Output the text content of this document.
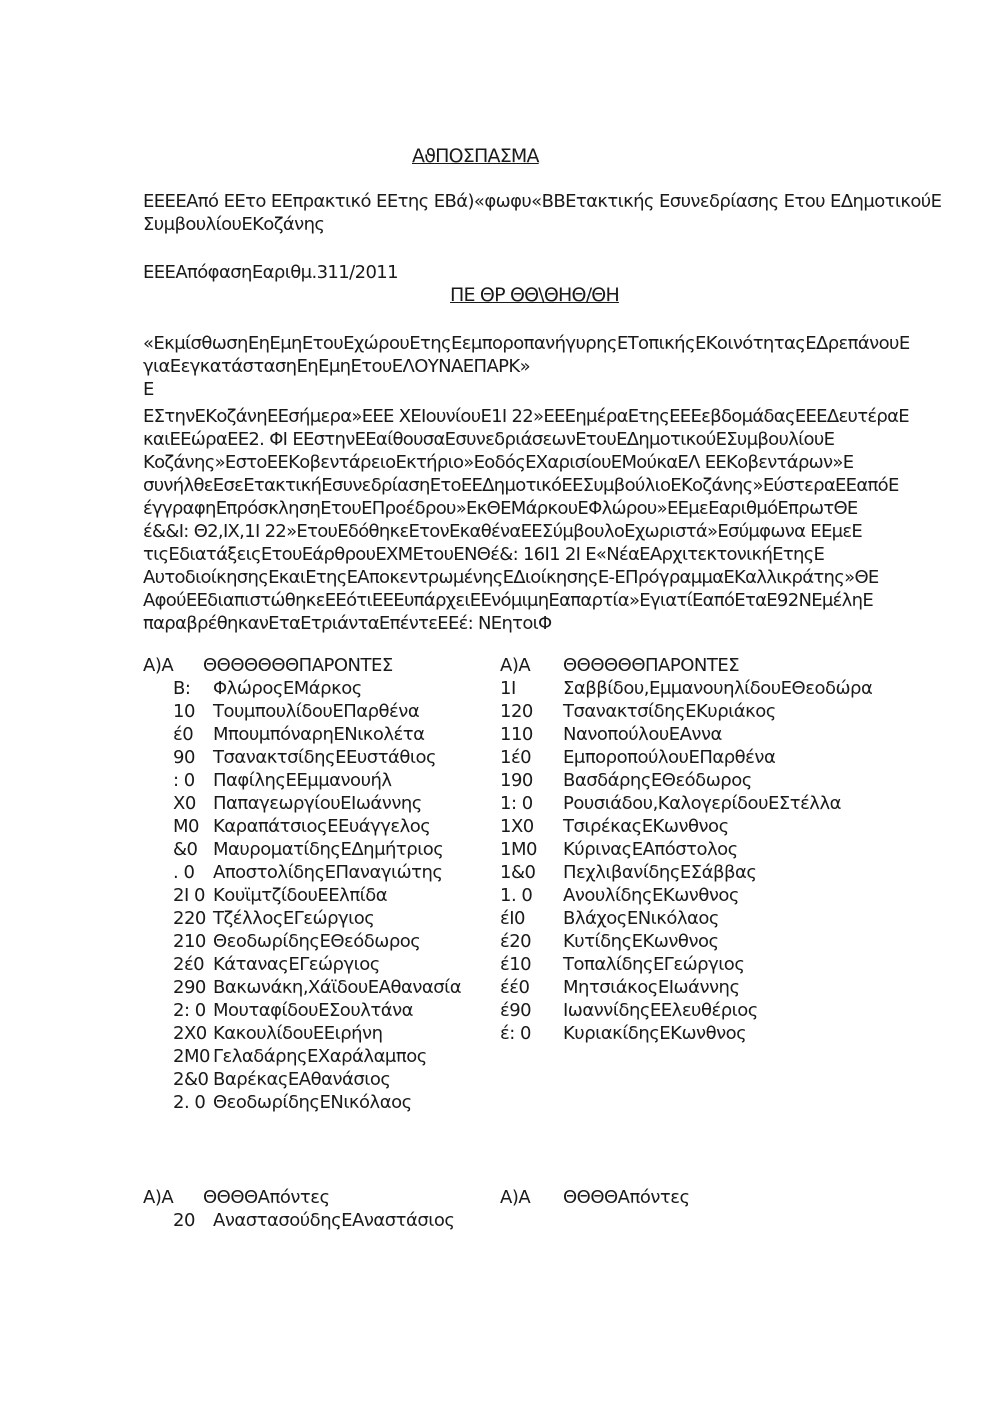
ΑϑΠΟΣΠΑΣΜΑ
ΕΕΕΕΑπό ΕΕτο ΕΕπρακτικό ΕΕτης ΕΒά)«φωφυ«ΒΒΕτακτικής Εσυνεδρίασης Ετου ΕΔημοτικούΕ
ΣυμβουλίουΕΚοζάνης
ΕΕΕΑπόφασηΕαριθμ.311/2011
ΠΕ ΘΡ ΘΘ\ΘΗΘ/ΘΗ
«ΕκμίσθωσηΕηΕμηΕτουΕχώρουΕτηςΕεμποροπανήγυρηςΕΤοπικήςΕΚοινότηταςΕΔρεπάνουΕ
γιαΕεγκατάστασηΕηΕμηΕτουΕΛΟΥΝΑΕΠΑΡΚ»
Ε
ΕΣτηνΕΚοζάνηΕΕσήμερα»ΕΕΕ ΧΕΙουνίουΕ1Ι 22»ΕΕΕημέραΕτηςΕΕΕεβδομάδαςΕΕΕΔευτέραΕ
καιΕΕώραΕΕ2. ΦΙ ΕΕστηνΕΕαίθουσαΕσυνεδριάσεωνΕτουΕΔημοτικούΕΣυμβουλίουΕ
Κοζάνης»ΕστοΕΕΚοβεντάρειοΕκτήριο»ΕοδόςΕΧαρισίουΕΜούκαΕΛ ΕΕΚοβεντάρων»Ε
συνήλθεΕσεΕτακτικήΕσυνεδρίασηΕτοΕΕΔημοτικόΕΕΣυμβούλιοΕΚοζάνης»ΕύστεραΕΕαπόΕ
έγγραφηΕπρόσκλησηΕτουΕΠροέδρου»ΕκΘΕΜάρκουΕΦλώρου»ΕΕμεΕαριθμόΕπρωτΘΕ
έ&&Ι: Θ2,ΙΧ,1Ι 22»ΕτουΕδόθηκεΕτονΕκαθέναΕΕΣύμβουλοΕχωριστά»Εσύμφωνα ΕΕμεΕ
τιςΕδιατάξειςΕτουΕάρθρουΕΧΜΕτουΕΝΘέ&: 16Ι1 2Ι Ε«ΝέαΕΑρχιτεκτονικήΕτηςΕ
ΑυτοδιοίκησηςΕκαιΕτηςΕΑποκεντρωμένηςΕΔιοίκησηςΕ-ΕΠρόγραμμαΕΚαλλικράτης»ΘΕ
ΑφούΕΕδιαπιστώθηκεΕΕότιΕΕΕυπάρχειΕΕνόμιμηΕαπαρτία»ΕγιατίΕαπόΕταΕ92ΝΕμέληΕ
παραβρέθηκανΕταΕτριάνταΕπέντεΕΕέ: ΝΕητοιΦ
Α)Α	ΘΘΘΘΘΘΘΠΑΡΟΝΤΕΣ
Β:	ΦλώροςΕΜάρκος
10	ΤουμπουλίδουΕΠαρθένα
έ0	ΜπουμπόναρηΕΝικολέτα
90	ΤσανακτσίδηςΕΕυστάθιος
: 0	ΠαφίληςΕΕμμανουήλ
Χ0 ΠαπαγεωργίουΕΙωάννης
Μ0 ΚαραπάτσιοςΕΕυάγγελος
&0 ΜαυροματίδηςΕΔημήτριος
. 0	ΑποστολίδηςΕΠαναγιώτης
2Ι 0 ΚουϊμτζίδουΕΕλπίδα
220 ΤζέλλοςΕΓεώργιος
210 ΘεοδωρίδηςΕΘεόδωρος
2έ0 ΚάταναςΕΓεώργιος
290 Βακωνάκη,ΧάϊδουΕΑθανασία
2: 0 ΜουταφίδουΕΣουλτάνα
2Χ0 ΚακουλίδουΕΕιρήνη
2Μ0 ΓελαδάρηςΕΧαράλαμπος
2&0 ΒαρέκαςΕΑθανάσιος
2. 0 ΘεοδωρίδηςΕΝικόλαος
Α)Α	ΘΘΘΘΘΘΠΑΡΟΝΤΕΣ
1Ι	Σαββίδου,ΕμμανουηλίδουΕΘεοδώρα
120	ΤσανακτσίδηςΕΚυριάκος
110	ΝανοπούλουΕΑννα
1έ0	ΕμποροπούλουΕΠαρθένα
190	ΒασδάρηςΕΘεόδωρος
1: 0	Ρουσιάδου,ΚαλογερίδουΕΣτέλλα
1Χ0	ΤσιρέκαςΕΚωνθνος
1Μ0	ΚύριναςΕΑπόστολος
1&0	ΠεχλιβανίδηςΕΣάββας
1. 0	ΑνουλίδηςΕΚωνθνος
έΙ0	ΒλάχοςΕΝικόλαος
έ20	ΚυτίδηςΕΚωνθνος
έ10	ΤοπαλίδηςΕΓεώργιος
έέ0	ΜητσιάκοςΕΙωάννης
έ90	ΙωαννίδηςΕΕλευθέριος
έ: 0	ΚυριακίδηςΕΚωνθνος
Α)Α	ΘΘΘΘΑπόντες
20	ΑναστασούδηςΕΑναστάσιος
Α)Α	ΘΘΘΘΑπόντες
